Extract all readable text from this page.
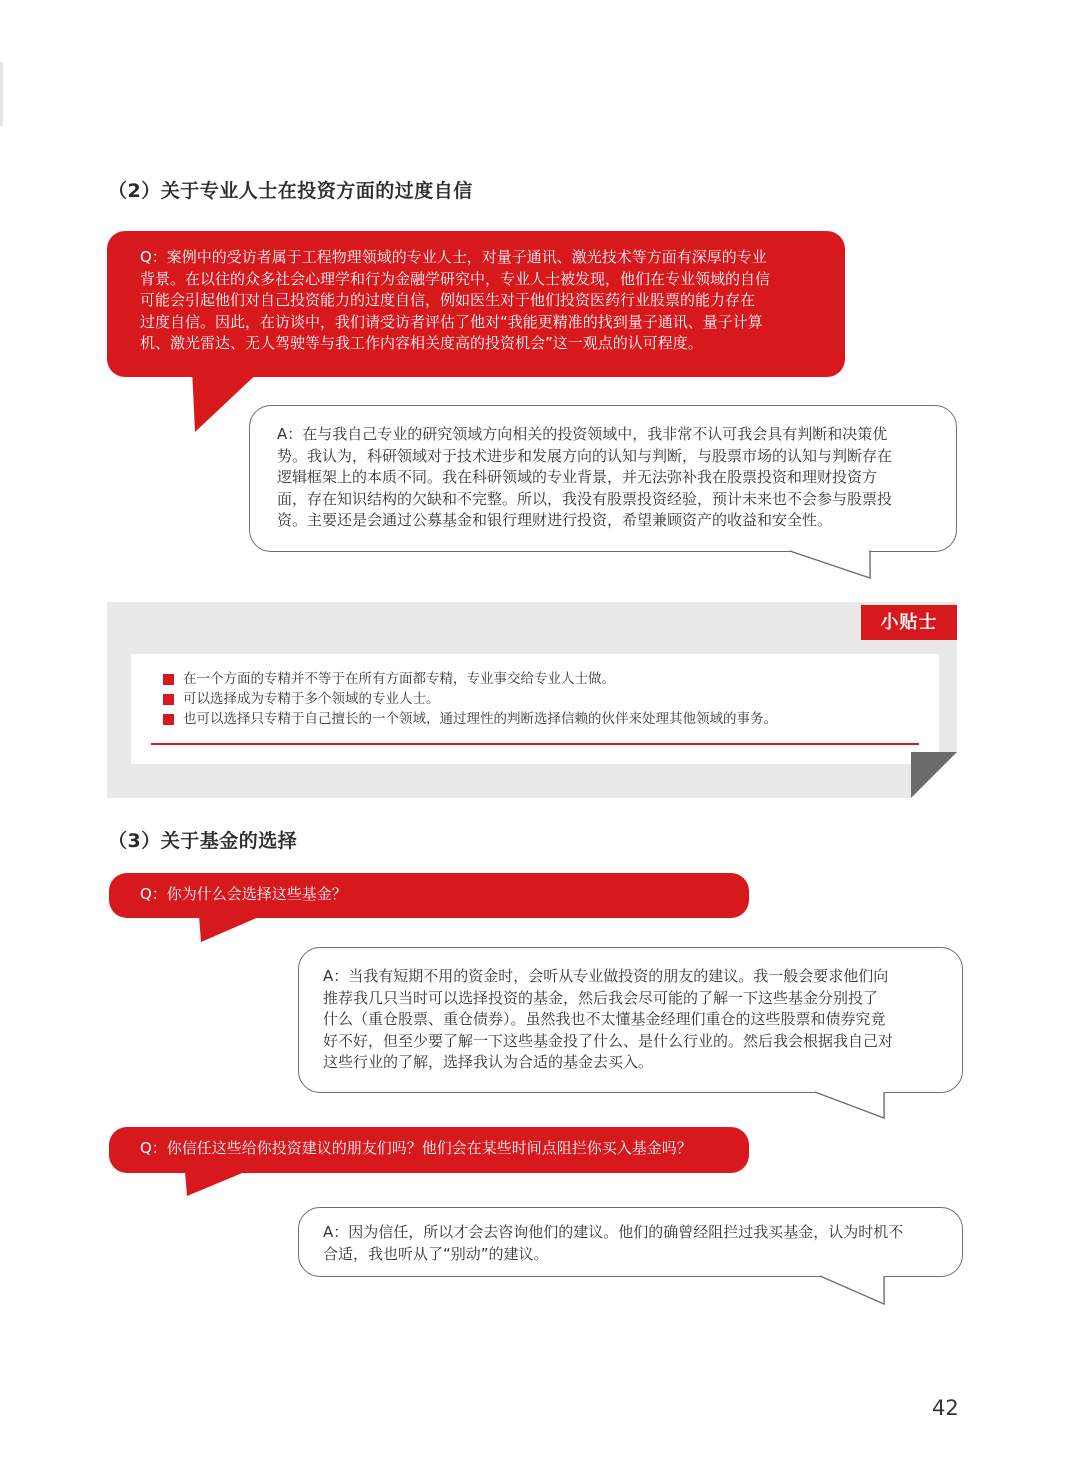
（2）关于专业人士在投资方面的过度自信
Q：案例中的受访者属于工程物理领域的专业人士，对量子通讯、激光技术等方面有深厚的专业
背景。在以往的众多社会心理学和行为金融学研究中，专业人士被发现，他们在专业领域的自信
可能会引起他们对自己投资能力的过度自信，例如医生对于他们投资医药行业股票的能力存在
过度自信。因此，在访谈中，我们请受访者评估了他对“我能更精准的找到量子通讯、量子计算
机、激光雷达、无人驾驶等与我工作内容相关度高的投资机会”这一观点的认可程度。
A：在与我自己专业的研究领域方向相关的投资领域中，我非常不认可我会具有判断和决策优
势。我认为，科研领域对于技术进步和发展方向的认知与判断，与股票市场的认知与判断存在
逻辑框架上的本质不同。我在科研领域的专业背景，并无法弥补我在股票投资和理财投资方
面，存在知识结构的欠缺和不完整。所以，我没有股票投资经验，预计未来也不会参与股票投
资。主要还是会通过公募基金和银行理财进行投资，希望兼顾资产的收益和安全性。
小贴士
在一个方面的专精并不等于在所有方面都专精，专业事交给专业人士做。
可以选择成为专精于多个领域的专业人士。
也可以选择只专精于自己擅长的一个领域，通过理性的判断选择信赖的伙伴来处理其他领域的事务。
（3）关于基金的选择
Q：你为什么会选择这些基金？
A：当我有短期不用的资金时，会听从专业做投资的朋友的建议。我一般会要求他们向
推荐我几只当时可以选择投资的基金，然后我会尽可能的了解一下这些基金分别投了
什么（重仓股票、重仓债券）。虽然我也不太懂基金经理们重仓的这些股票和债券究竟
好不好，但至少要了解一下这些基金投了什么、是什么行业的。然后我会根据我自己对
这些行业的了解，选择我认为合适的基金去买入。
Q：你信任这些给你投资建议的朋友们吗？他们会在某些时间点阻拦你买入基金吗？
A：因为信任，所以才会去咨询他们的建议。他们的确曾经阻拦过我买基金，认为时机不
合适，我也听从了“别动”的建议。
42
